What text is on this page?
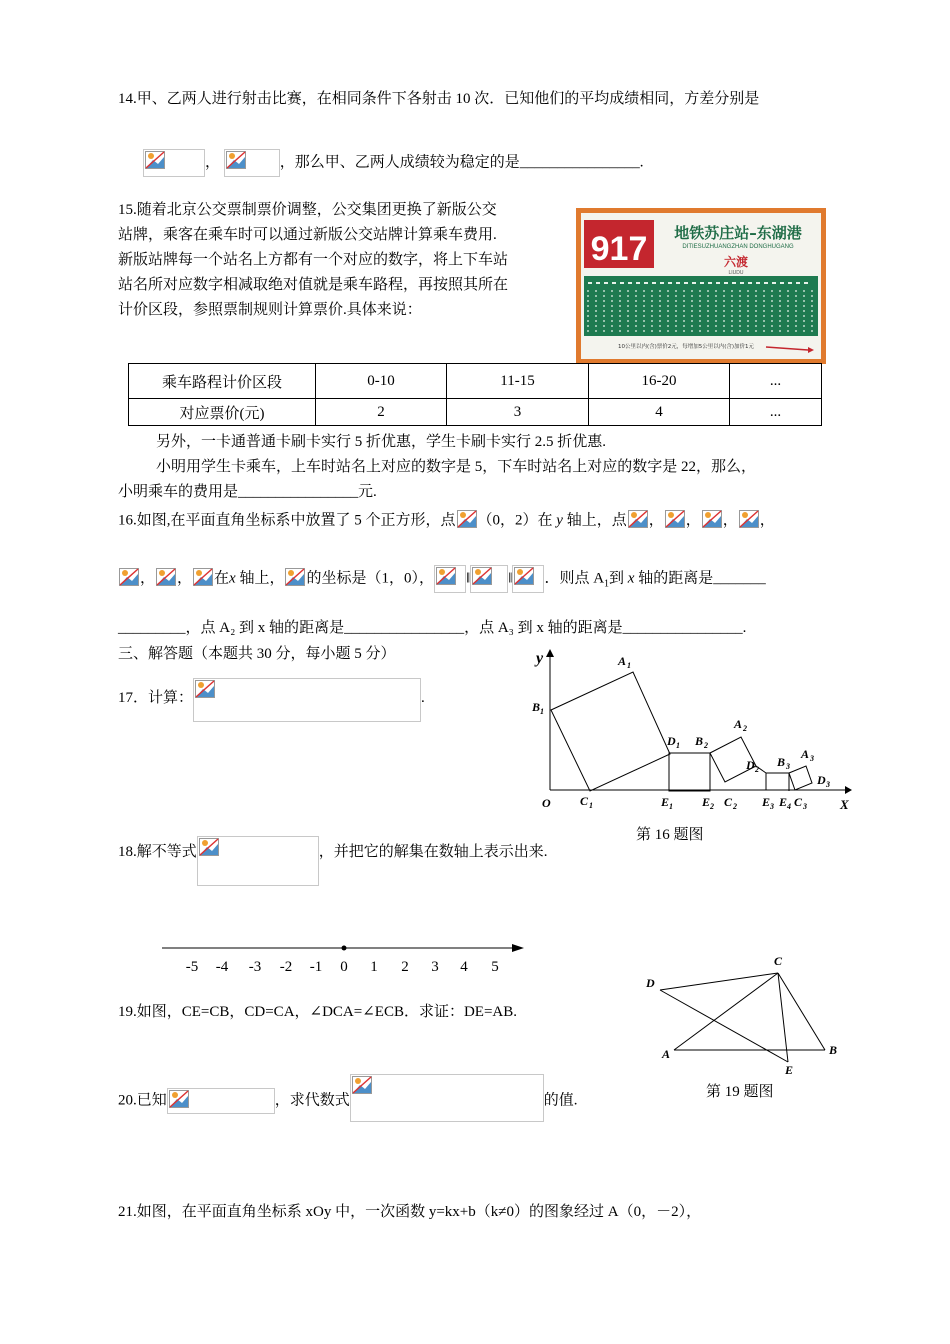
14.甲、乙两人进行射击比赛，在相同条件下各射击 10 次．已知他们的平均成绩相同，方差分别是
，	，那么甲、乙两人成绩较为稳定的是________________.
15.随着北京公交票制票价调整，公交集团更换了新版公交
站牌，乘客在乘车时可以通过新版公交站牌计算乘车费用.
新版站牌每一个站名上方都有一个对应的数字，将上下车站
站名所对应数字相减取绝对值就是乘车路程，再按照其所在
计价区段，参照票制规则计算票价.具体来说：
917 地铁苏庄站–东湖港
DITIESUZHUANGZHAN DONGHUGANG
六渡
LIUDU
10公里以内(含)票价2元，每增加5公里以内(含)加价1元
乘车路程计价区段	0-10	11-15	16-20	...
对应票价(元)	2	3	4	...
另外，一卡通普通卡刷卡实行 5 折优惠，学生卡刷卡实行 2.5 折优惠.
小明用学生卡乘车，上车时站名上对应的数字是 5，下车时站名上对应的数字是 22，那么，
小明乘车的费用是________________元.
16.如图,在平面直角坐标系中放置了 5 个正方形，点 （0，2）在 y 轴上，点 ， ， ， ，
， ， 在x 轴上， 的坐标是（1，0）， ‖	‖ ．则点 $A_1$到 x 轴的距离是_______
_________，点 A₂ 到 x 轴的距离是________________，点 A₃ 到 x 轴的距离是________________.
三、解答题（本题共 30 分，每小题 5 分）	y
X
O
A 1
B 1
C 1
D 1
E 1
B 2
A 2
E 2 C 2
D 2
B 3
E 3
A 3
E 4 C 3
D 3
第 16 题图
17．计算：	.
18.解不等式	，并把它的解集在数轴上表示出来.
-5 -4 -3 -2 -1 0 1 2 3 4 5
19.如图，CE=CB，CD=CA，∠DCA=∠ECB．求证：DE=AB.
C
D
A	B
E
第 19 题图
20.已知	，求代数式	的值.
21.如图，在平面直角坐标系 xOy 中，一次函数 y=kx+b（k≠0）的图象经过 A（0，－2），
